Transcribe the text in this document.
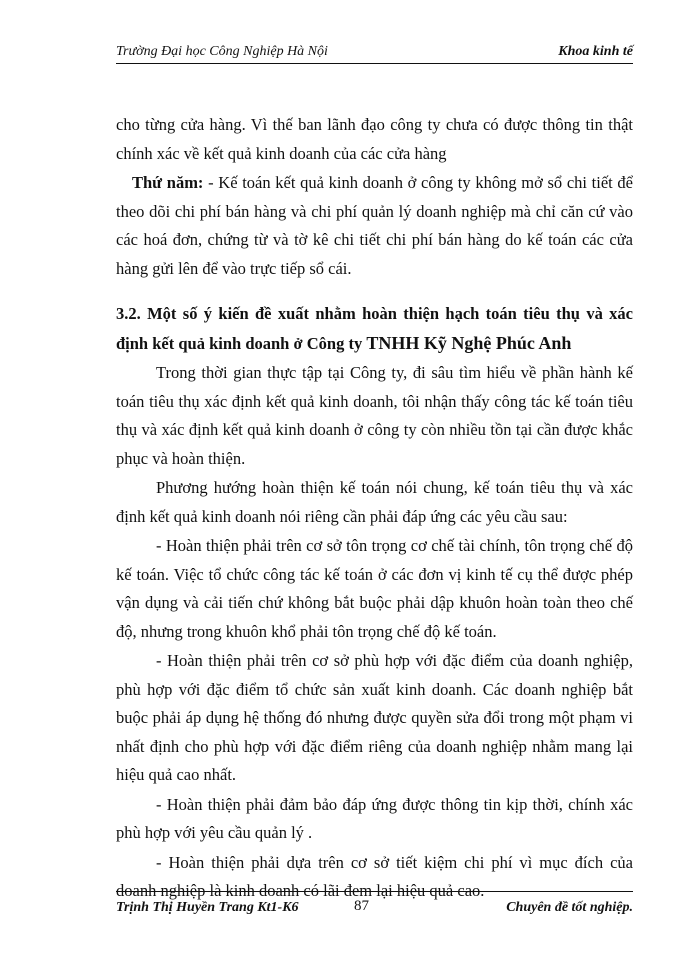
Trường Đại học Công Nghiệp Hà Nội	Khoa kinh tế

cho từng cửa hàng. Vì thế ban lãnh đạo công ty chưa có được thông tin thật chính xác về kết quả kinh doanh của các cửa hàng

Thứ năm: - Kế toán kết quả kinh doanh ở công ty không mở sổ chi tiết để theo dõi chi phí bán hàng và chi phí quản lý doanh nghiệp mà chỉ căn cứ vào các hoá đơn, chứng từ và tờ kê chi tiết chi phí bán hàng do kế toán các cửa hàng gửi lên để vào trực tiếp sổ cái.

3.2. Một số ý kiến đề xuất nhằm hoàn thiện hạch toán tiêu thụ và xác định kết quả kinh doanh ở Công ty TNHH Kỹ Nghệ Phúc Anh

Trong thời gian thực tập tại Công ty, đi sâu tìm hiểu về phần hành kế toán tiêu thụ xác định kết quả kinh doanh, tôi nhận thấy công tác kế toán tiêu thụ và xác định kết quả kinh doanh ở công ty còn nhiều tồn tại cần được khắc phục và hoàn thiện.

Phương hướng hoàn thiện kế toán nói chung, kế toán tiêu thụ và xác định kết quả kinh doanh nói riêng cần phải đáp ứng các yêu cầu sau:

- Hoàn thiện phải trên cơ sở tôn trọng cơ chế tài chính, tôn trọng chế độ kế toán. Việc tổ chức công tác kế toán ở các đơn vị kinh tế cụ thể được phép vận dụng và cải tiến chứ không bắt buộc phải dập khuôn hoàn toàn theo chế độ, nhưng trong khuôn khổ phải tôn trọng chế độ kế toán.

- Hoàn thiện phải trên cơ sở phù hợp với đặc điểm của doanh nghiệp, phù hợp với đặc điểm tổ chức sản xuất kinh doanh. Các doanh nghiệp bắt buộc phải áp dụng hệ thống đó nhưng được quyền sửa đổi trong một phạm vi nhất định cho phù hợp với đặc điểm riêng của doanh nghiệp nhằm mang lại hiệu quả cao nhất.

- Hoàn thiện phải đảm bảo đáp ứng được thông tin kịp thời, chính xác phù hợp với yêu cầu quản lý .

- Hoàn thiện phải dựa trên cơ sở tiết kiệm chi phí vì mục đích của doanh nghiệp là kinh doanh có lãi đem lại hiệu quả cao.

Trịnh Thị Huyền Trang Kt1-K6	87	Chuyên đề tốt nghiệp.
